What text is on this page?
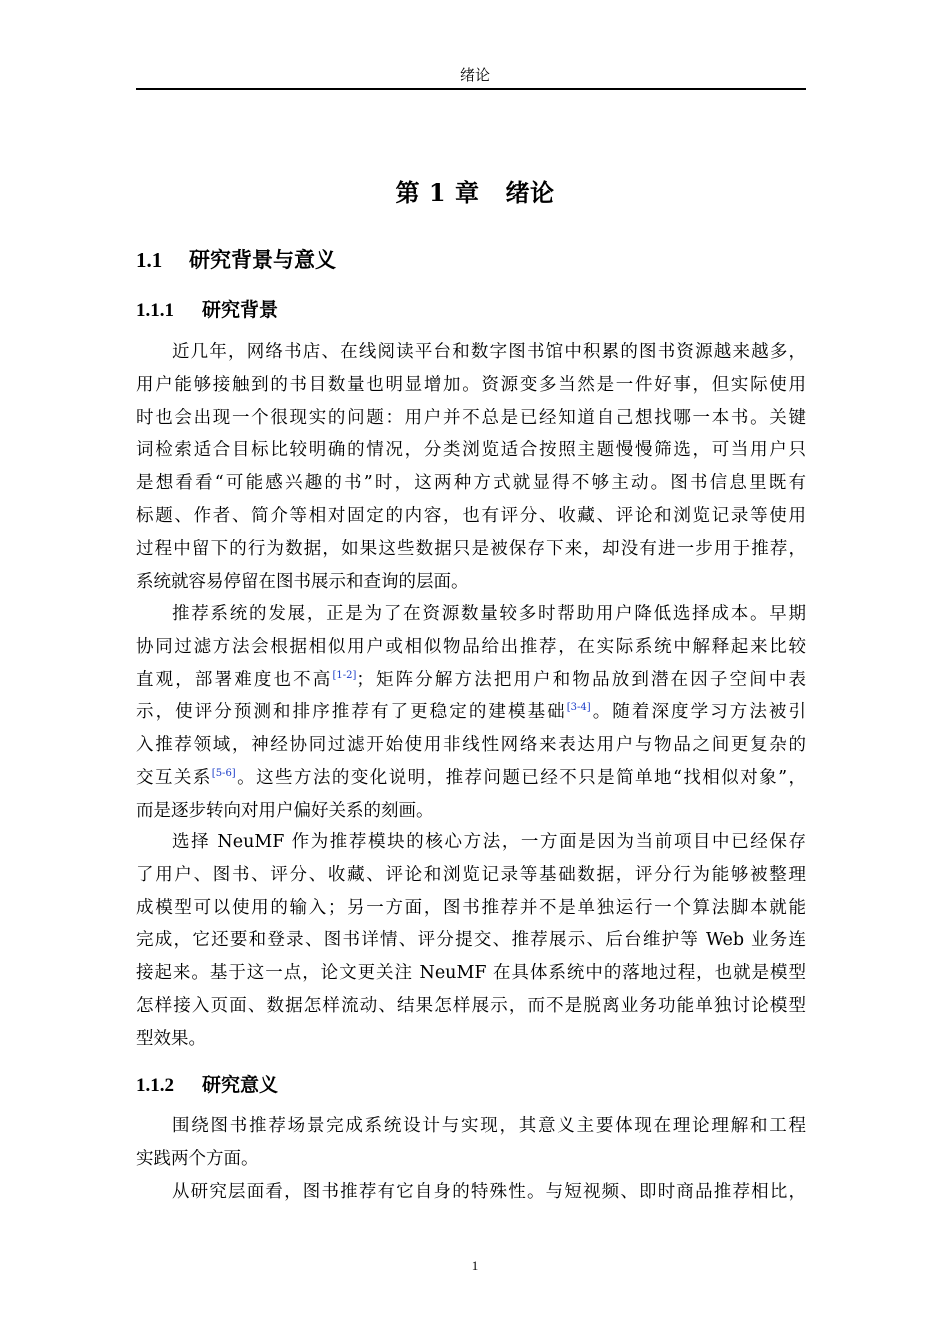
绪论
第 1 章 绪论
1.1 研究背景与意义
1.1.1 研究背景
近几年，网络书店、在线阅读平台和数字图书馆中积累的图书资源越来越多，
用户能够接触到的书目数量也明显增加。资源变多当然是一件好事，但实际使用
时也会出现一个很现实的问题：用户并不总是已经知道自己想找哪一本书。关键
词检索适合目标比较明确的情况，分类浏览适合按照主题慢慢筛选，可当用户只
是想看看“可能感兴趣的书”时，这两种方式就显得不够主动。图书信息里既有
标题、作者、简介等相对固定的内容，也有评分、收藏、评论和浏览记录等使用
过程中留下的行为数据，如果这些数据只是被保存下来，却没有进一步用于推荐，
系统就容易停留在图书展示和查询的层面。
推荐系统的发展，正是为了在资源数量较多时帮助用户降低选择成本。早期
协同过滤方法会根据相似用户或相似物品给出推荐，在实际系统中解释起来比较
直观，部署难度也不高[1-2]；矩阵分解方法把用户和物品放到潜在因子空间中表
示，使评分预测和排序推荐有了更稳定的建模基础[3-4]。随着深度学习方法被引
入推荐领域，神经协同过滤开始使用非线性网络来表达用户与物品之间更复杂的
交互关系[5-6]。这些方法的变化说明，推荐问题已经不只是简单地“找相似对象”，
而是逐步转向对用户偏好关系的刻画。
选择 NeuMF 作为推荐模块的核心方法，一方面是因为当前项目中已经保存
了用户、图书、评分、收藏、评论和浏览记录等基础数据，评分行为能够被整理
成模型可以使用的输入；另一方面，图书推荐并不是单独运行一个算法脚本就能
完成，它还要和登录、图书详情、评分提交、推荐展示、后台维护等 Web 业务连
接起来。基于这一点，论文更关注 NeuMF 在具体系统中的落地过程，也就是模型
怎样接入页面、数据怎样流动、结果怎样展示，而不是脱离业务功能单独讨论模型
型效果。
1.1.2 研究意义
围绕图书推荐场景完成系统设计与实现，其意义主要体现在理论理解和工程
实践两个方面。
从研究层面看，图书推荐有它自身的特殊性。与短视频、即时商品推荐相比，
1
